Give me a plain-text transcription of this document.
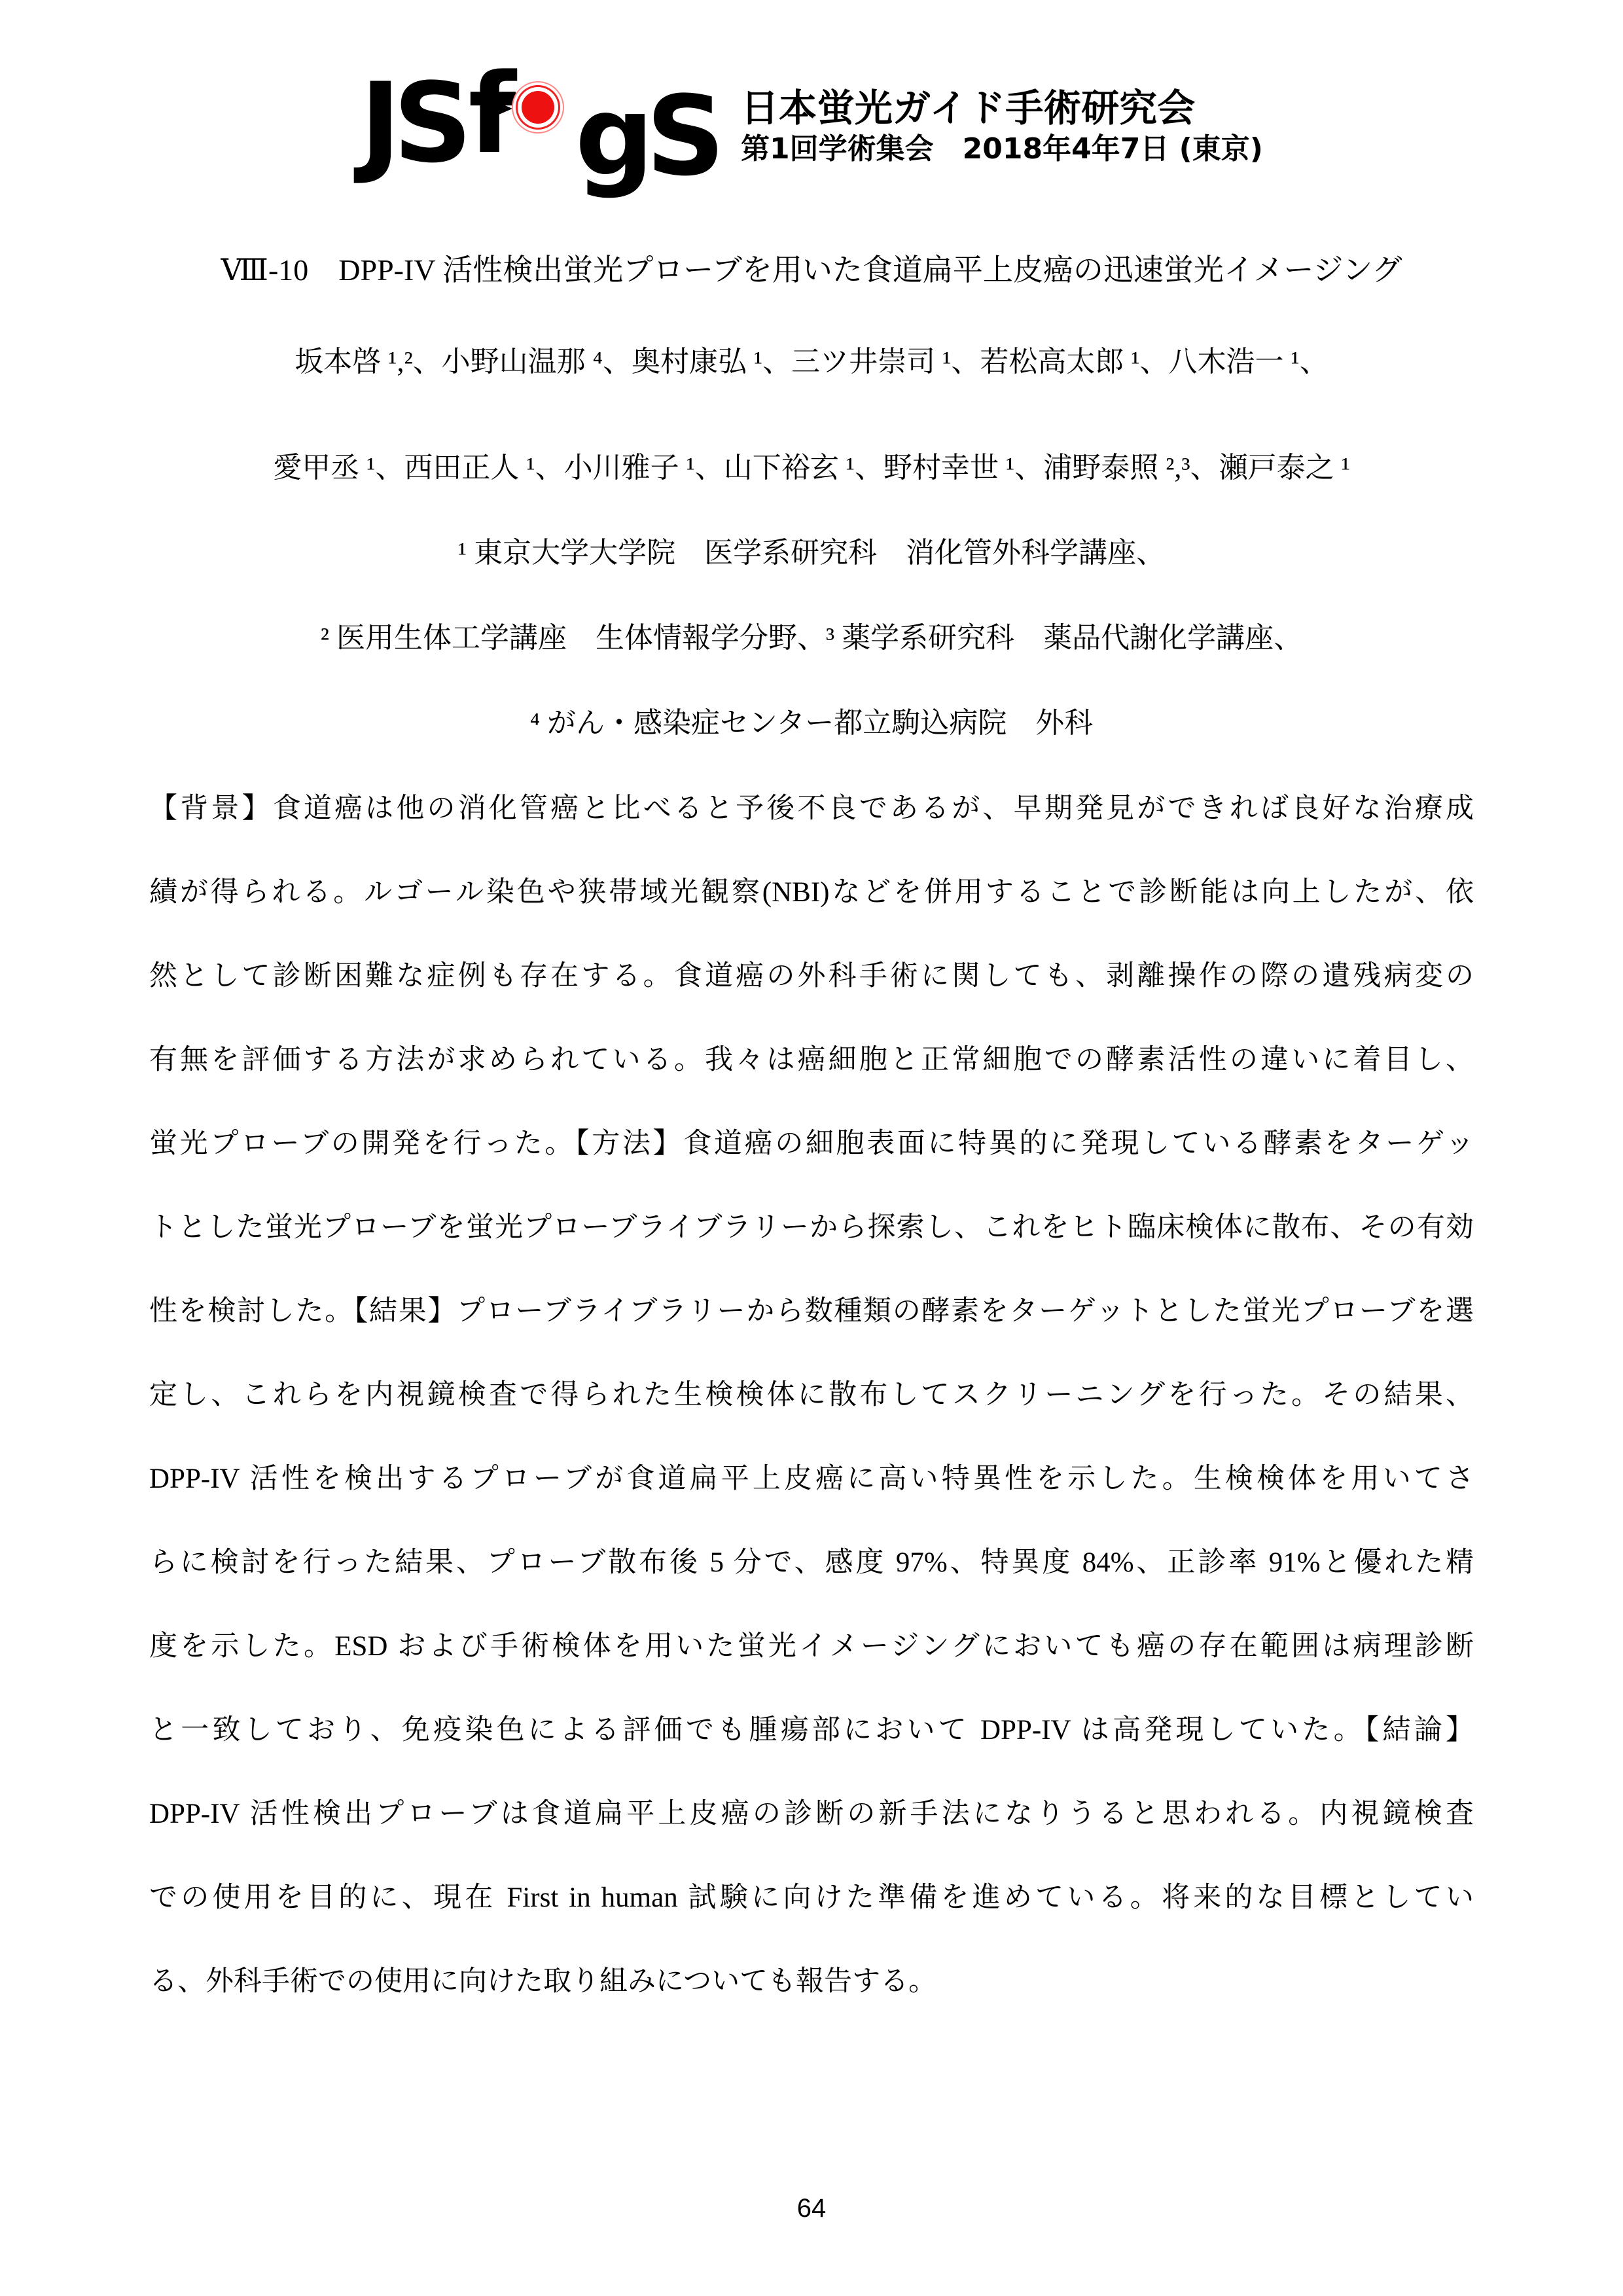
JS f gS 日本蛍光ガイド手術研究会
第1回学術集会　2018年4年7日 (東京)
Ⅷ-10　DPP-IV 活性検出蛍光プローブを用いた食道扁平上皮癌の迅速蛍光イメージング
坂本啓 ¹,²、小野山温那 ⁴、奥村康弘 ¹、三ツ井崇司 ¹、若松高太郎 ¹、八木浩一 ¹、
愛甲丞 ¹、西田正人 ¹、小川雅子 ¹、山下裕玄 ¹、野村幸世 ¹、浦野泰照 ²,³、瀬戸泰之 ¹
¹ 東京大学大学院　医学系研究科　消化管外科学講座、
² 医用生体工学講座　生体情報学分野、³ 薬学系研究科　薬品代謝化学講座、
⁴ がん・感染症センター都立駒込病院　外科
【背景】食道癌は他の消化管癌と比べると予後不良であるが、早期発見ができれば良好な治療成
績が得られる。ルゴール染色や狭帯域光観察(NBI)などを併用することで診断能は向上したが、依
然として診断困難な症例も存在する。食道癌の外科手術に関しても、剥離操作の際の遺残病変の
有無を評価する方法が求められている。我々は癌細胞と正常細胞での酵素活性の違いに着目し、
蛍光プローブの開発を行った。【方法】食道癌の細胞表面に特異的に発現している酵素をターゲッ
トとした蛍光プローブを蛍光プローブライブラリーから探索し、これをヒト臨床検体に散布、その有効
性を検討した。【結果】プローブライブラリーから数種類の酵素をターゲットとした蛍光プローブを選
定し、これらを内視鏡検査で得られた生検検体に散布してスクリーニングを行った。その結果、
DPP-IV 活性を検出するプローブが食道扁平上皮癌に高い特異性を示した。生検検体を用いてさ
らに検討を行った結果、プローブ散布後 5 分で、感度 97%、特異度 84%、正診率 91%と優れた精
度を示した。ESD および手術検体を用いた蛍光イメージングにおいても癌の存在範囲は病理診断
と一致しており、免疫染色による評価でも腫瘍部において DPP-IV は高発現していた。【結論】
DPP-IV 活性検出プローブは食道扁平上皮癌の診断の新手法になりうると思われる。内視鏡検査
での使用を目的に、現在 First in human 試験に向けた準備を進めている。将来的な目標としてい
る、外科手術での使用に向けた取り組みについても報告する。
64
